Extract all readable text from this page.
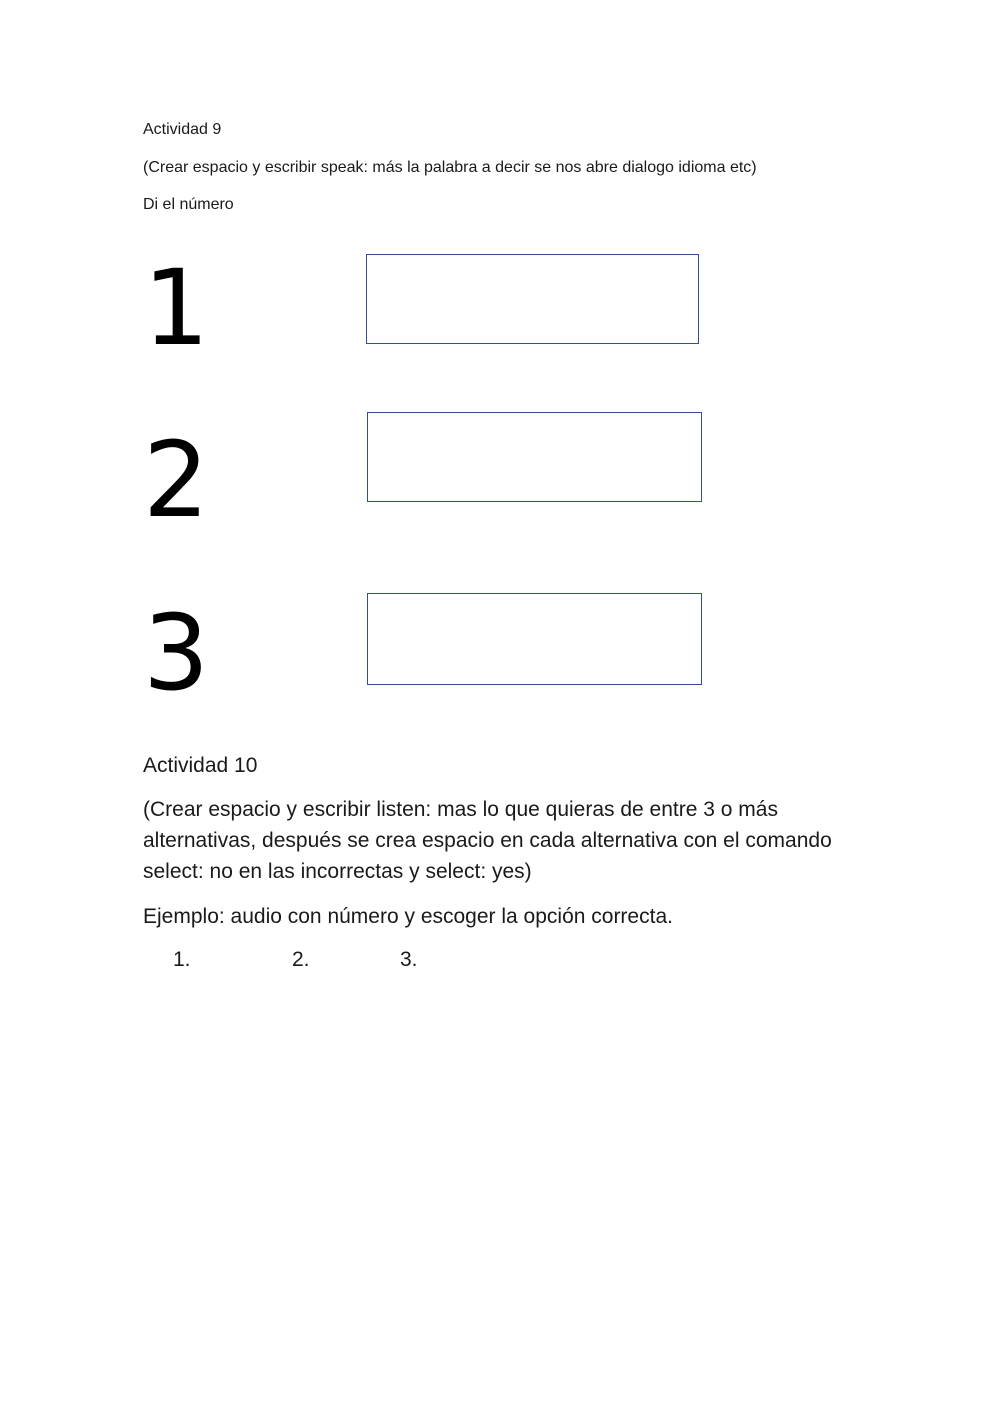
Actividad 9
(Crear espacio y escribir speak: más la palabra a decir se nos abre dialogo idioma etc)
Di el número
1
2
3
Actividad 10
(Crear espacio y escribir listen: mas lo que quieras de entre 3 o más alternativas, después se crea espacio en cada alternativa con el comando select: no en las incorrectas y select: yes)
Ejemplo: audio con número y escoger la opción correcta.
1.	2.	3.
